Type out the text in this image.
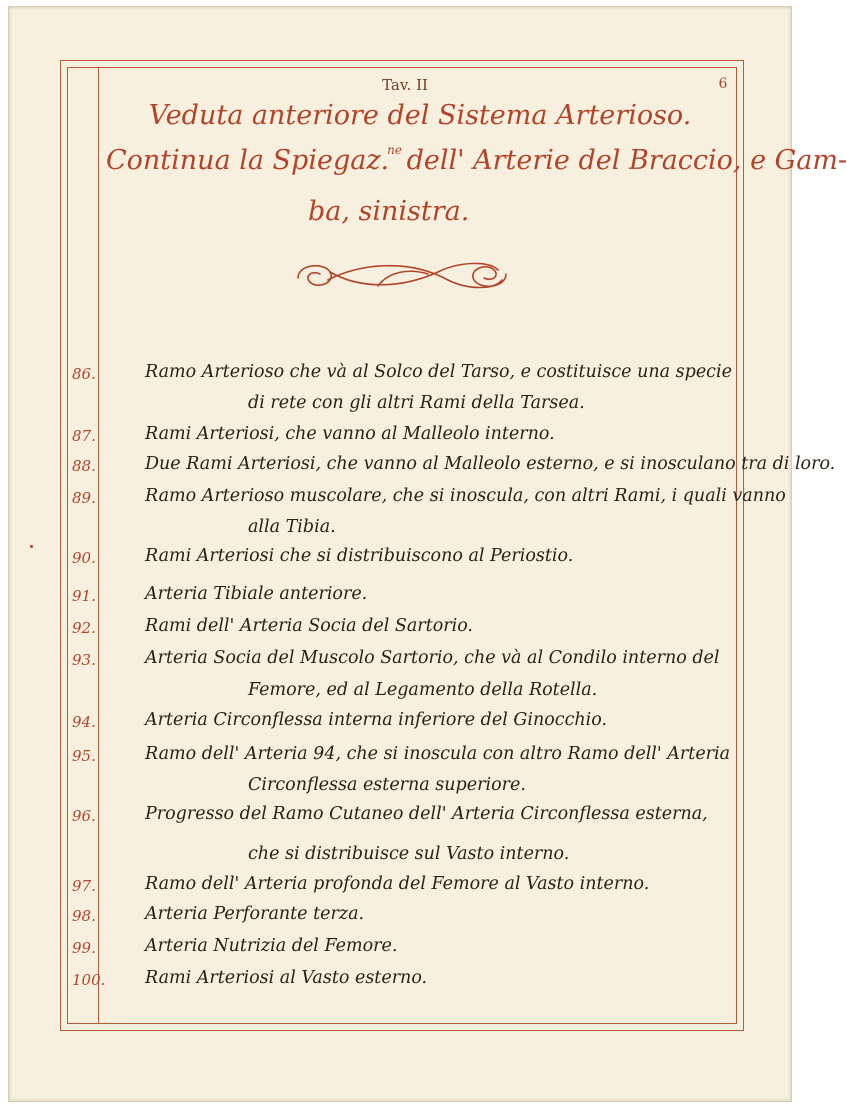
Tav. II	6
Veduta anteriore del Sistema Arterioso.
Continua la Spiegaz.$^{ne}$ dell' Arterie del Braccio, e Gam-
ba, sinistra.
86.	Ramo Arterioso che và al Solco del Tarso, e costituisce una specie
di rete con gli altri Rami della Tarsea.
87.	Rami Arteriosi, che vanno al Malleolo interno.
88.	Due Rami Arteriosi, che vanno al Malleolo esterno, e si inosculano tra di loro.
89.	Ramo Arterioso muscolare, che si inoscula, con altri Rami, i quali vanno
alla Tibia.
90.	Rami Arteriosi che si distribuiscono al Periostio.
91.	Arteria Tibiale anteriore.
92.	Rami dell' Arteria Socia del Sartorio.
93.	Arteria Socia del Muscolo Sartorio, che và al Condilo interno del
Femore, ed al Legamento della Rotella.
94.	Arteria Circonflessa interna inferiore del Ginocchio.
95.	Ramo dell' Arteria 94, che si inoscula con altro Ramo dell' Arteria
Circonflessa esterna superiore.
96.	Progresso del Ramo Cutaneo dell' Arteria Circonflessa esterna,
che si distribuisce sul Vasto interno.
97.	Ramo dell' Arteria profonda del Femore al Vasto interno.
98.	Arteria Perforante terza.
99.	Arteria Nutrizia del Femore.
100. Rami Arteriosi al Vasto esterno.
